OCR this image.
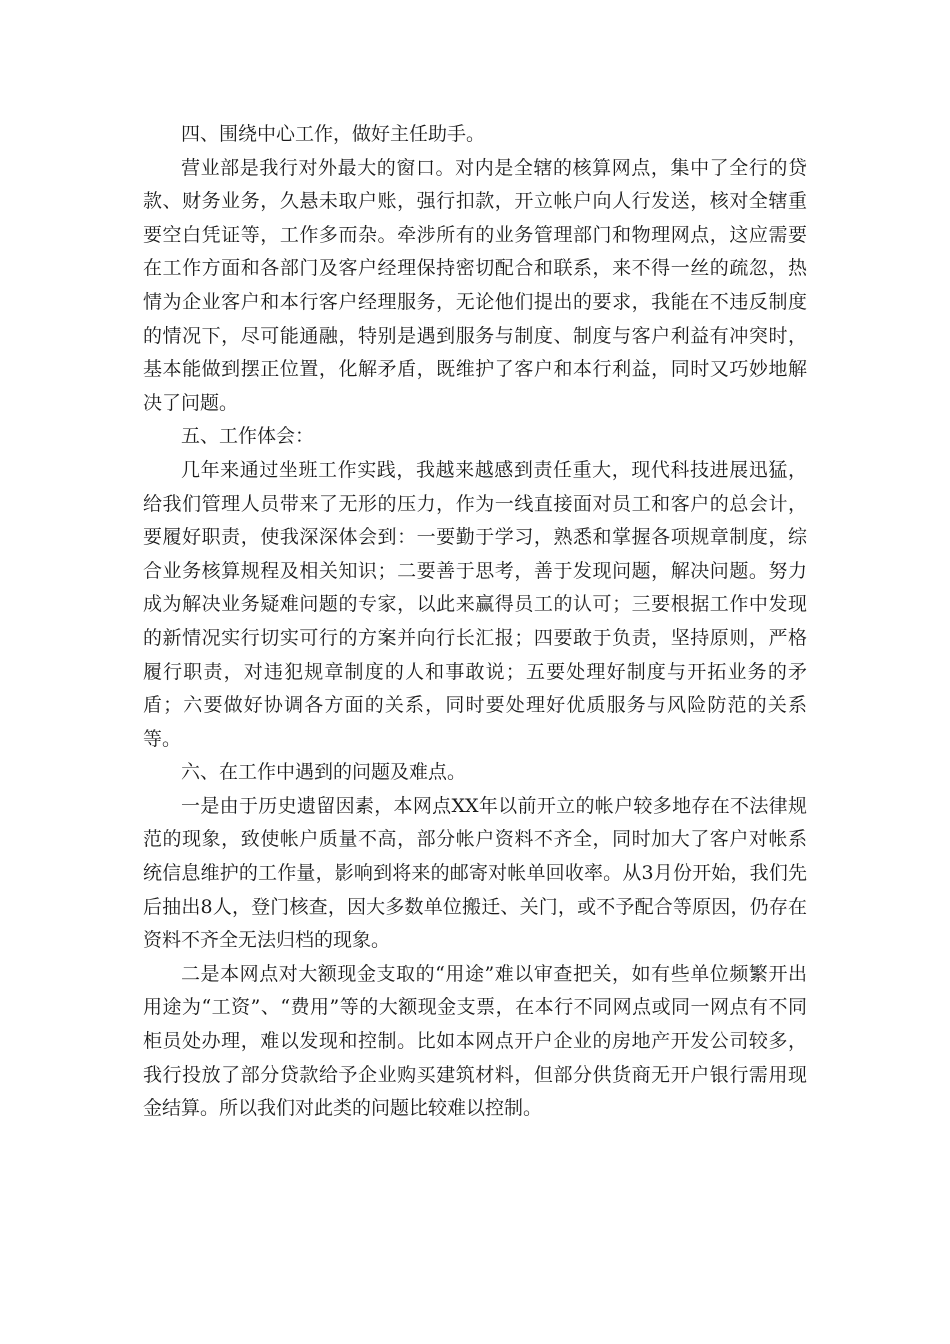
四、围绕中心工作，做好主任助手。

营业部是我行对外最大的窗口。对内是全辖的核算网点，集中了全行的贷款、财务业务，久悬未取户账，强行扣款，开立帐户向人行发送，核对全辖重要空白凭证等，工作多而杂。牵涉所有的业务管理部门和物理网点，这应需要在工作方面和各部门及客户经理保持密切配合和联系，来不得一丝的疏忽，热情为企业客户和本行客户经理服务，无论他们提出的要求，我能在不违反制度的情况下，尽可能通融，特别是遇到服务与制度、制度与客户利益有冲突时，基本能做到摆正位置，化解矛盾，既维护了客户和本行利益，同时又巧妙地解决了问题。

五、工作体会：

几年来通过坐班工作实践，我越来越感到责任重大，现代科技进展迅猛，给我们管理人员带来了无形的压力，作为一线直接面对员工和客户的总会计，要履好职责，使我深深体会到：一要勤于学习，熟悉和掌握各项规章制度，综合业务核算规程及相关知识；二要善于思考，善于发现问题，解决问题。努力成为解决业务疑难问题的专家，以此来赢得员工的认可；三要根据工作中发现的新情况实行切实可行的方案并向行长汇报；四要敢于负责，坚持原则，严格履行职责，对违犯规章制度的人和事敢说；五要处理好制度与开拓业务的矛盾；六要做好协调各方面的关系，同时要处理好优质服务与风险防范的关系等。

六、在工作中遇到的问题及难点。

一是由于历史遗留因素，本网点XX年以前开立的帐户较多地存在不法律规范的现象，致使帐户质量不高，部分帐户资料不齐全，同时加大了客户对帐系统信息维护的工作量，影响到将来的邮寄对帐单回收率。从3月份开始，我们先后抽出8人，登门核查，因大多数单位搬迁、关门，或不予配合等原因，仍存在资料不齐全无法归档的现象。

二是本网点对大额现金支取的“用途”难以审查把关，如有些单位频繁开出用途为“工资”、“费用”等的大额现金支票，在本行不同网点或同一网点有不同柜员处办理，难以发现和控制。比如本网点开户企业的房地产开发公司较多，我行投放了部分贷款给予企业购买建筑材料，但部分供货商无开户银行需用现金结算。所以我们对此类的问题比较难以控制。
